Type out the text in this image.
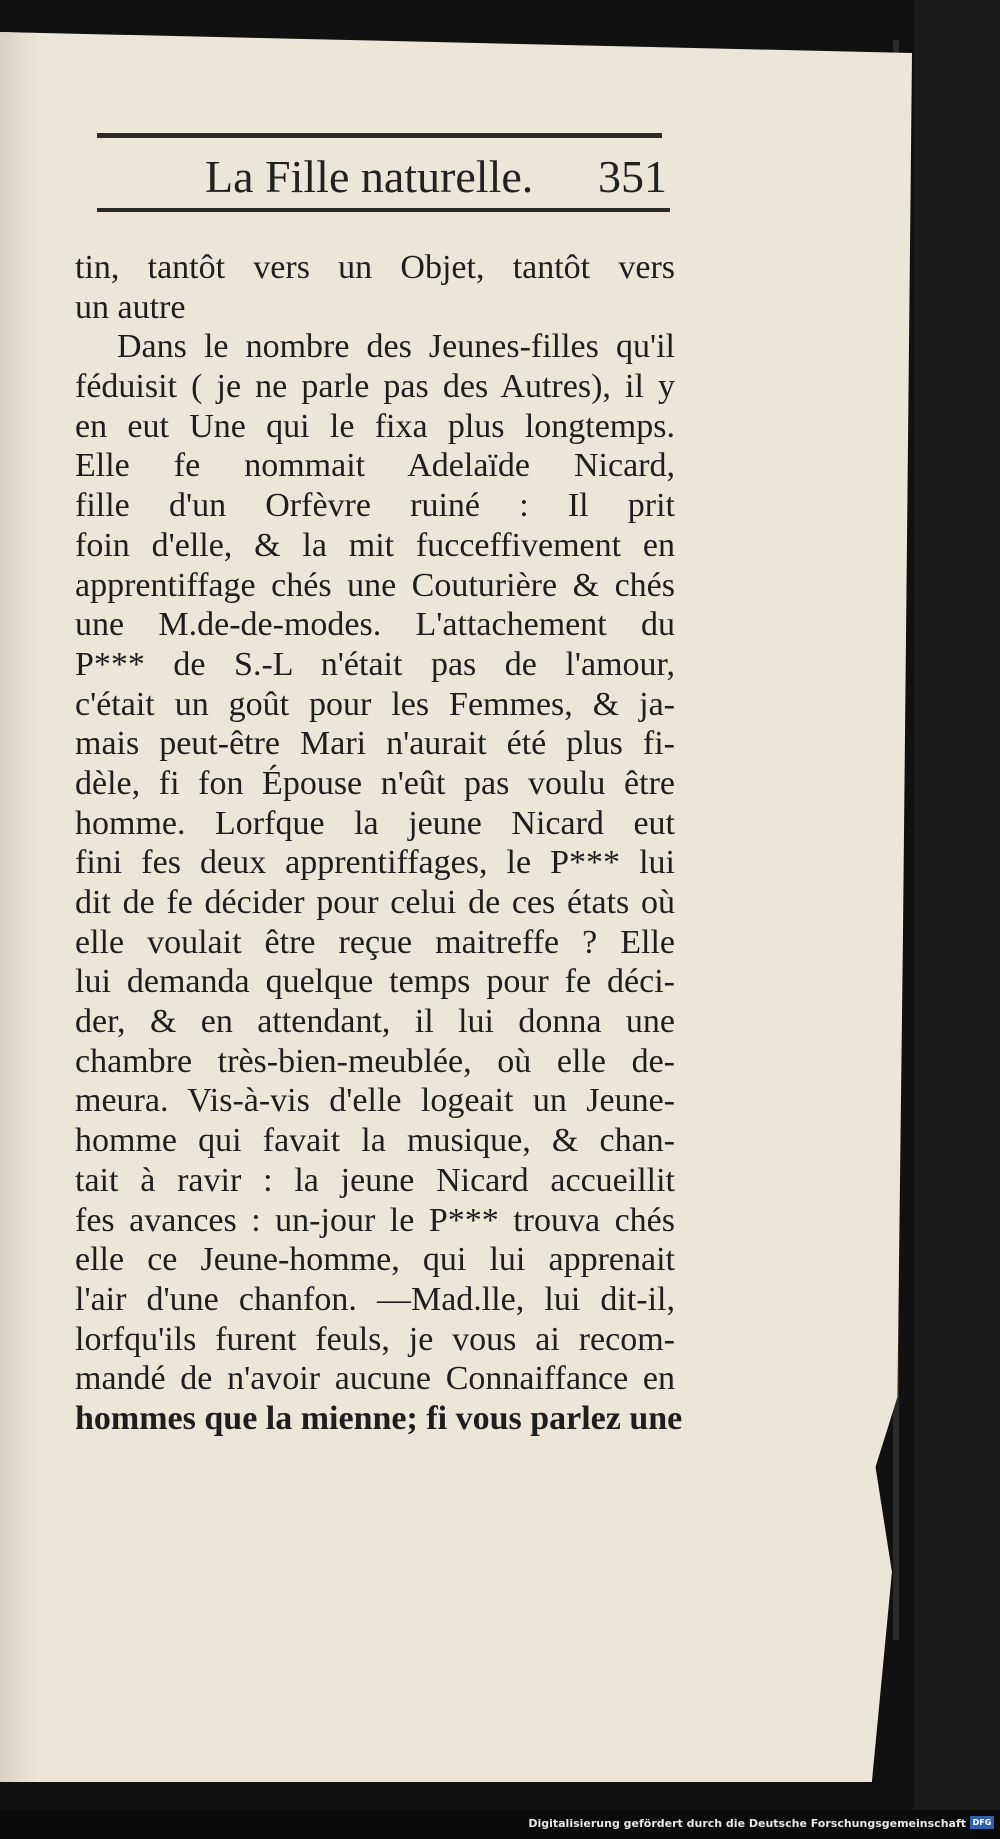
La Fille naturelle. 351
tin, tantôt vers un Objet, tantôt vers
un autre
Dans le nombre des Jeunes-filles qu'il
féduisit ( je ne parle pas des Autres), il y
en eut Une qui le fixa plus longtemps.
Elle fe nommait Adelaïde Nicard,
fille d'un Orfèvre ruiné : Il prit
foin d'elle, & la mit fucceffivement en
apprentiffage chés une Couturière & chés
une M.de-de-modes. L'attachement du
P*** de S.-L n'était pas de l'amour,
c'était un goût pour les Femmes, & ja-
mais peut-être Mari n'aurait été plus fi-
dèle, fi fon Épouse n'eût pas voulu être
homme. Lorfque la jeune Nicard eut
fini fes deux apprentiffages, le P*** lui
dit de fe décider pour celui de ces états où
elle voulait être reçue maitreffe ? Elle
lui demanda quelque temps pour fe déci-
der, & en attendant, il lui donna une
chambre très-bien-meublée, où elle de-
meura. Vis-à-vis d'elle logeait un Jeune-
homme qui favait la musique, & chan-
tait à ravir : la jeune Nicard accueillit
fes avances : un-jour le P*** trouva chés
elle ce Jeune-homme, qui lui apprenait
l'air d'une chanfon. —Mad.lle, lui dit-il,
lorfqu'ils furent feuls, je vous ai recom-
mandé de n'avoir aucune Connaiffance en
hommes que la mienne; fi vous parlez une
Digitalisierung gefördert durch die Deutsche Forschungsgemeinschaft DFG
